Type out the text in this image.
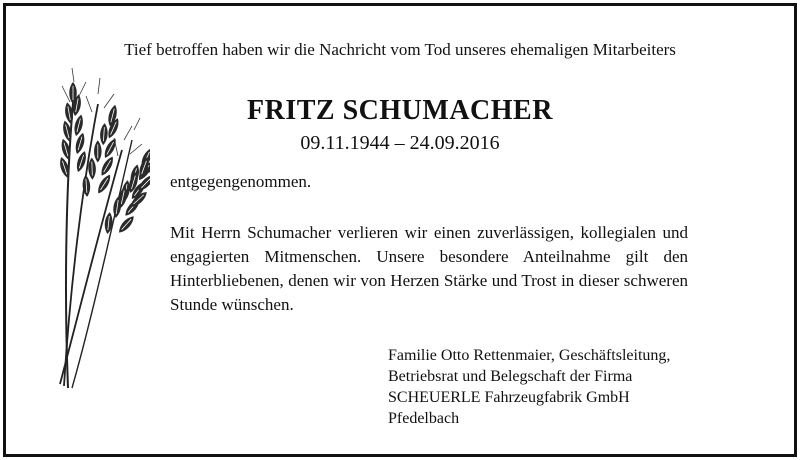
Tief betroffen haben wir die Nachricht vom Tod unseres ehemaligen Mitarbeiters
FRITZ SCHUMACHER
09.11.1944 – 24.09.2016
entgegengenommen.
Mit Herrn Schumacher verlieren wir einen zuverlässigen, kollegialen und engagierten Mitmenschen. Unsere besondere Anteilnahme gilt den Hinterbliebenen, denen wir von Herzen Stärke und Trost in dieser schweren Stunde wünschen.
Familie Otto Rettenmaier, Geschäftsleitung,
Betriebsrat und Belegschaft der Firma
SCHEUERLE Fahrzeugfabrik GmbH
Pfedelbach
